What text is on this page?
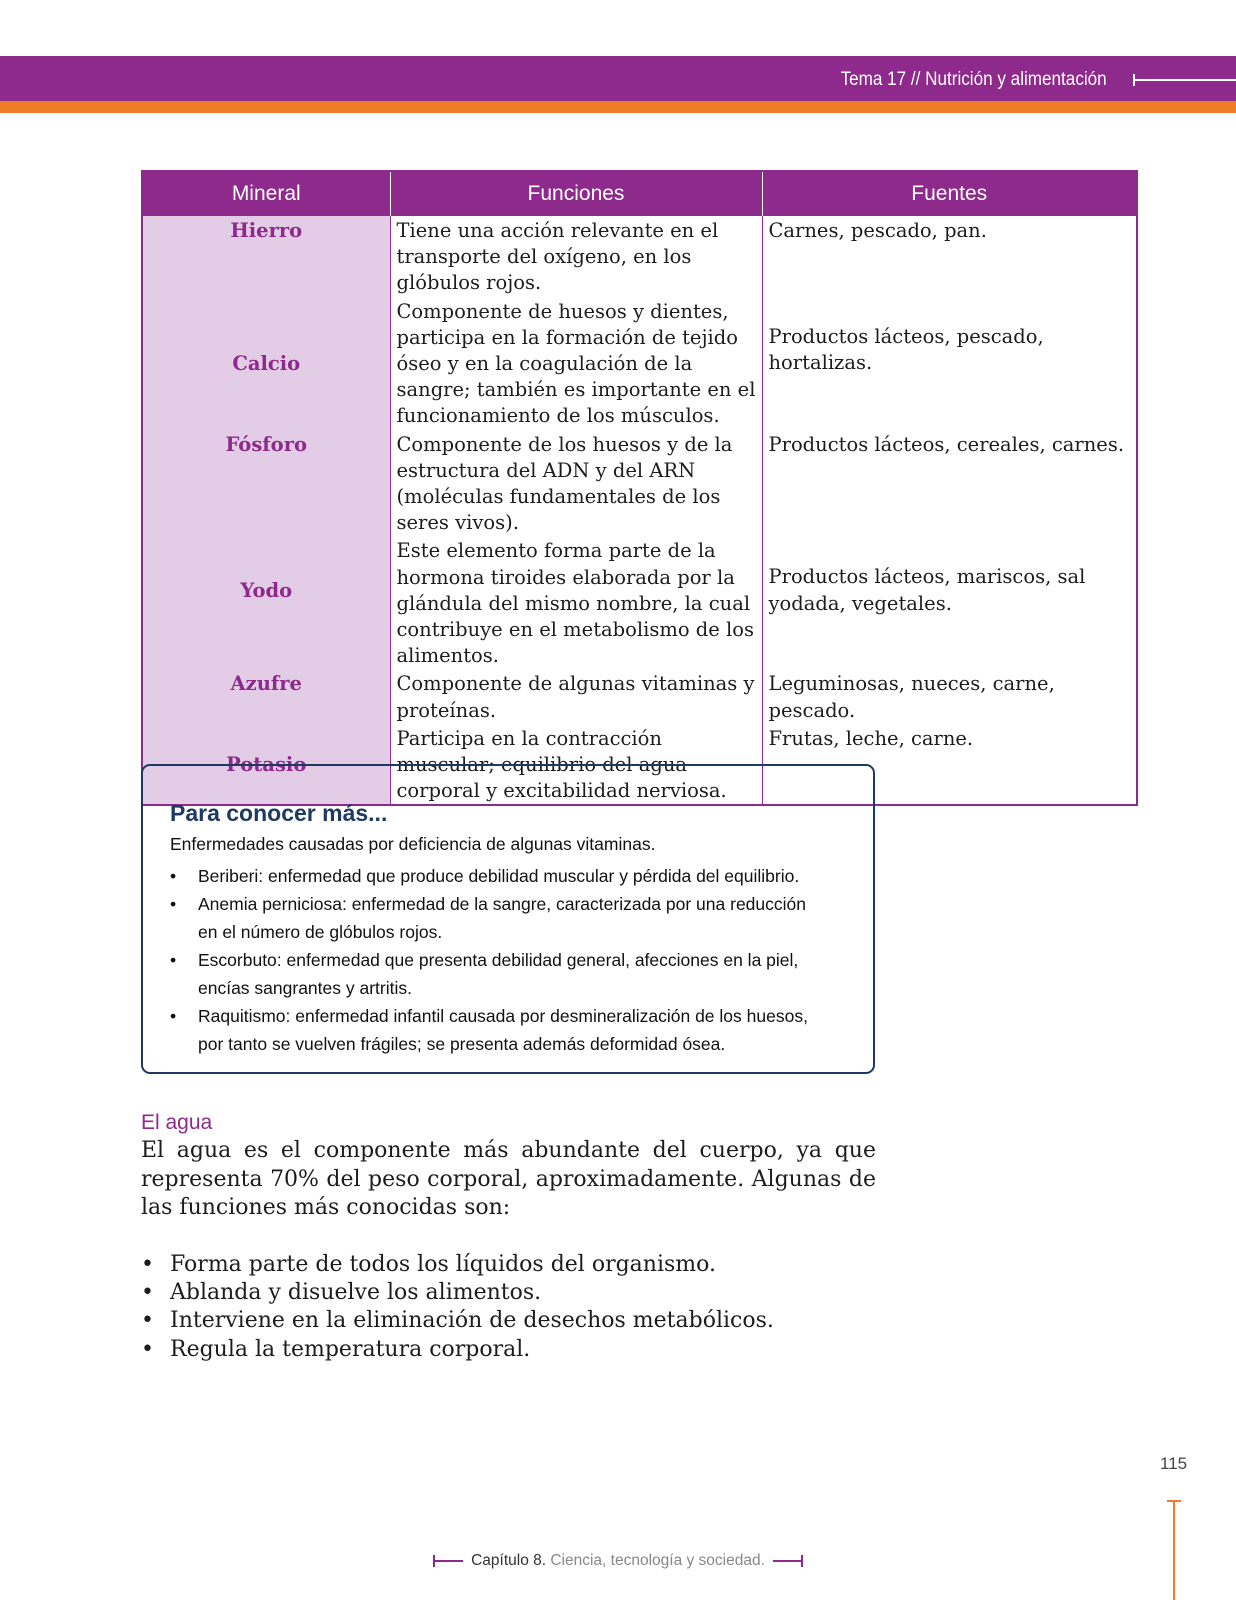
Tema 17 // Nutrición y alimentación
Mineral	Funciones	Fuentes
Hierro	Tiene una acción relevante en el transporte del oxígeno, en los glóbulos rojos.	Carnes, pescado, pan.
Calcio	Componente de huesos y dientes, participa en la formación de tejido óseo y en la coagulación de la sangre; también es importante en el funcionamiento de los músculos.	Productos lácteos, pescado, hortalizas.
Fósforo	Componente de los huesos y de la estructura del ADN y del ARN (moléculas fundamentales de los seres vivos).	Productos lácteos, cereales, carnes.
Yodo	Este elemento forma parte de la hormona tiroides elaborada por la glándula del mismo nombre, la cual contribuye en el metabolismo de los alimentos.	Productos lácteos, mariscos, sal yodada, vegetales.
Azufre	Componente de algunas vitaminas y proteínas.	Leguminosas, nueces, carne, pescado.
Potasio	Participa en la contracción muscular; equilibrio del agua corporal y excitabilidad nerviosa.	Frutas, leche, carne.
Para conocer más...
Enfermedades causadas por deficiencia de algunas vitaminas.
• Beriberi: enfermedad que produce debilidad muscular y pérdida del equilibrio.
• Anemia perniciosa: enfermedad de la sangre, caracterizada por una reducción en el número de glóbulos rojos.
• Escorbuto: enfermedad que presenta debilidad general, afecciones en la piel, encías sangrantes y artritis.
• Raquitismo: enfermedad infantil causada por desmineralización de los huesos, por tanto se vuelven frágiles; se presenta además deformidad ósea.
El agua

El agua es el componente más abundante del cuerpo, ya que representa 70% del peso corporal, aproximadamente. Algunas de las funciones más conocidas son:

• Forma parte de todos los líquidos del organismo.
• Ablanda y disuelve los alimentos.
• Interviene en la eliminación de desechos metabólicos.
• Regula la temperatura corporal.
115
Capítulo 8. Ciencia, tecnología y sociedad.
